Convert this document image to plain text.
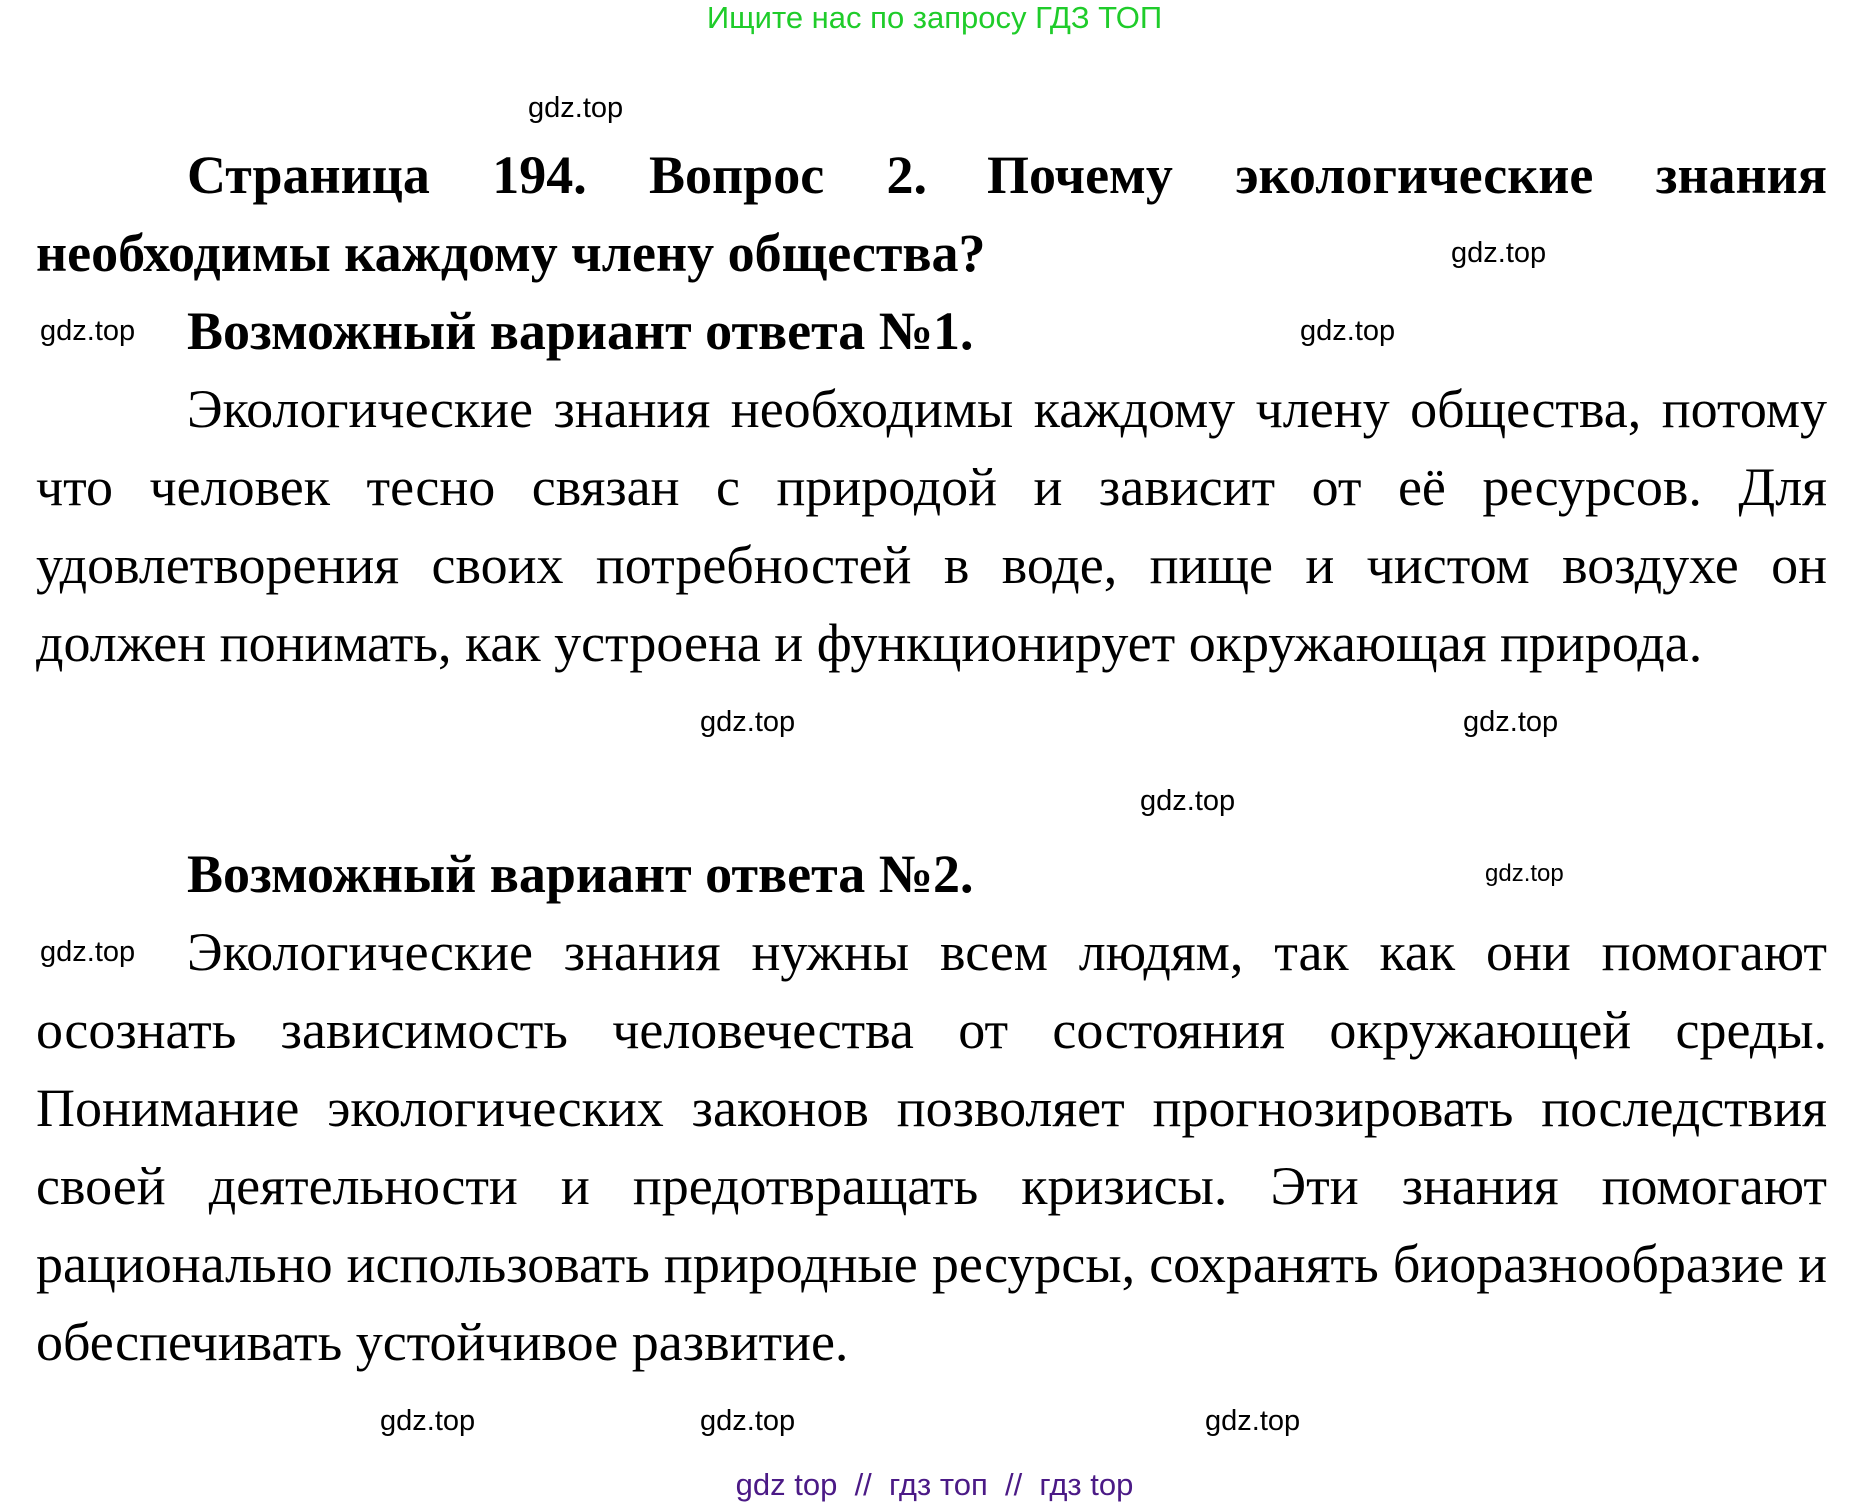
Ищите нас по запросу ГДЗ ТОП

Страница 194. Вопрос 2. Почему экологические знания необходимы каждому члену общества?

Возможный вариант ответа №1.

Экологические знания необходимы каждому члену общества, потому что человек тесно связан с природой и зависит от её ресурсов. Для удовлетворения своих потребностей в воде, пище и чистом воздухе он должен понимать, как устроена и функционирует окружающая природа.

Возможный вариант ответа №2.

Экологические знания нужны всем людям, так как они помогают осознать зависимость человечества от состояния окружающей среды. Понимание экологических законов позволяет прогнозировать последствия своей деятельности и предотвращать кризисы. Эти знания помогают рационально использовать природные ресурсы, сохранять биоразнообразие и обеспечивать устойчивое развитие.

gdz.top
gdz.top
gdz.top	gdz.top
gdz.top	gdz.top
gdz.top
gdz.top
gdz.top
gdz.top	gdz.top
gdz.top
gdz top  //  гдз топ  //  гдз top
